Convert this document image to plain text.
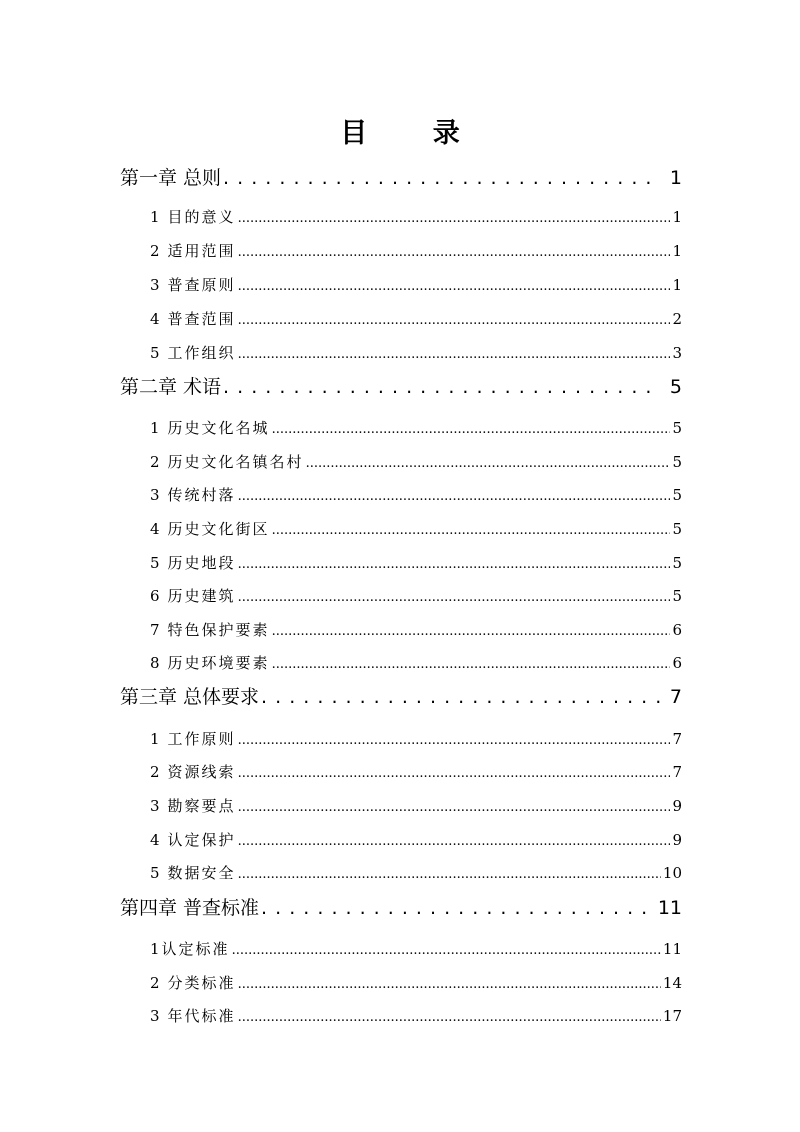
目 录
第一章 总则 . . .	1
1 目的意义 .....	1
2 适用范围 .....	1
3 普查原则 .....	1
4 普查范围 .....	2
5 工作组织 .....	3
第二章 术语 . . .	5
1 历史文化名城 .....	5
2 历史文化名镇名村 .....	5
3 传统村落 .....	5
4 历史文化街区 .....	5
5 历史地段 .....	5
6 历史建筑 .....	5
7 特色保护要素 .....	6
8 历史环境要素 .....	6
第三章 总体要求 . . .	7
1 工作原则 .....	7
2 资源线索 .....	7
3 勘察要点 .....	9
4 认定保护 .....	9
5 数据安全 .....	10
第四章 普查标准 . . .	11
1 认定标准 .....	11
2 分类标准 .....	14
3 年代标准 .....	17
